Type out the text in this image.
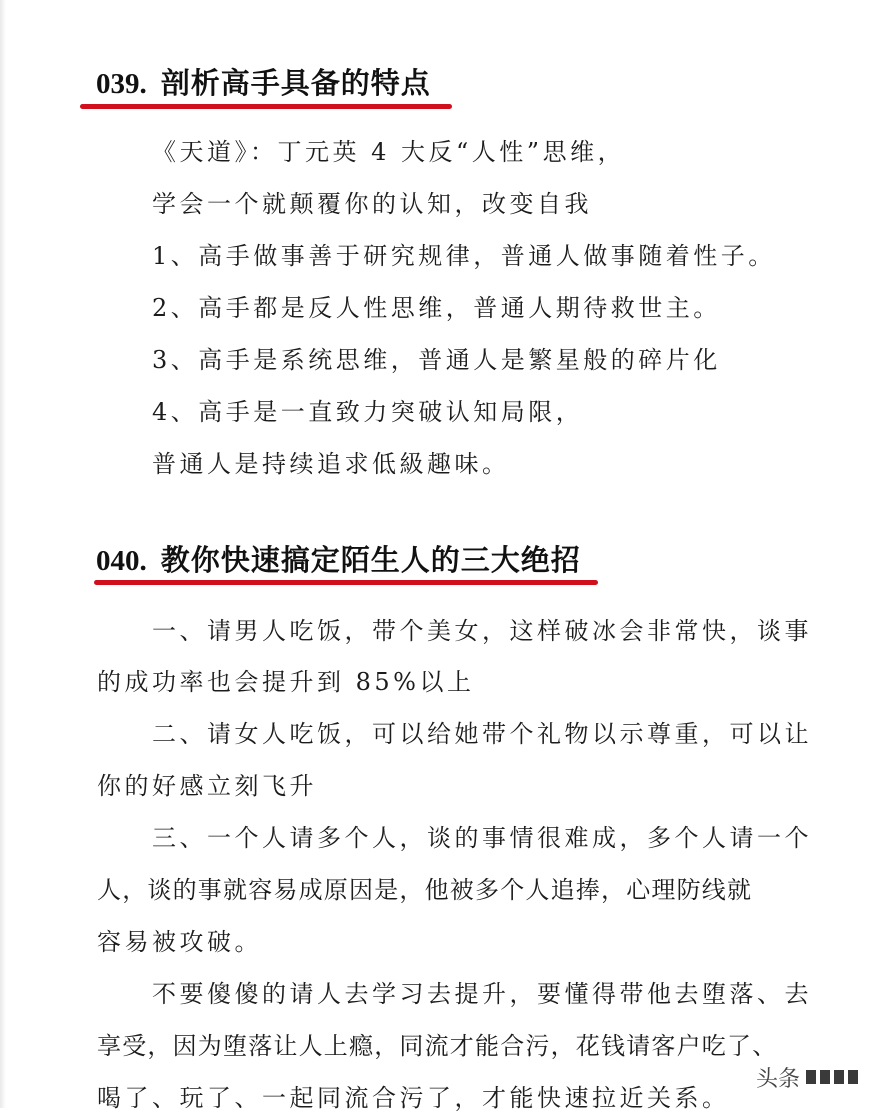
039. 剖析高手具备的特点
《天道》：丁元英 4 大反“人性”思维，
学会一个就颠覆你的认知，改变自我
1、高手做事善于研究规律，普通人做事随着性子。
2、高手都是反人性思维，普通人期待救世主。
3、高手是系统思维，普通人是繁星般的碎片化
4、高手是一直致力突破认知局限，
普通人是持续追求低級趣味。
040. 教你快速搞定陌生人的三大绝招
一、请男人吃饭，带个美女，这样破冰会非常快，谈事
的成功率也会提升到 85%以上
二、请女人吃饭，可以给她带个礼物以示尊重，可以让
你的好感立刻飞升
三、一个人请多个人，谈的事情很难成，多个人请一个
人，谈的事就容易成原因是，他被多个人追捧，心理防线就
容易被攻破。
不要傻傻的请人去学习去提升，要懂得带他去堕落、去
享受，因为堕落让人上瘾，同流才能合污，花钱请客户吃了、
喝了、玩了、一起同流合污了，才能快速拉近关系。
头条
